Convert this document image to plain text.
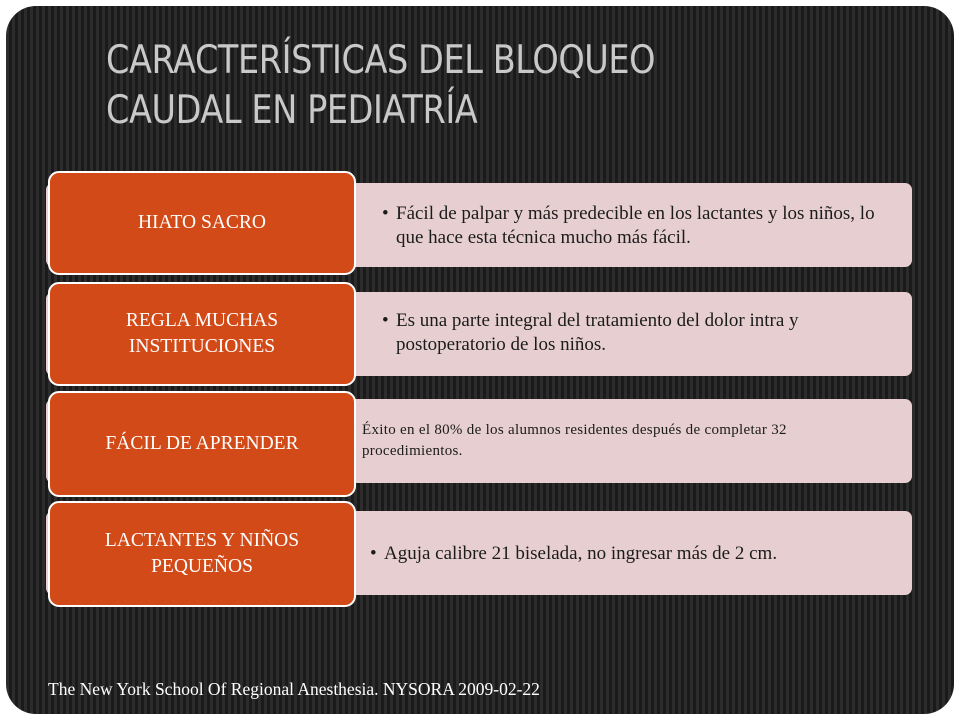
CARACTERÍSTICAS DEL BLOQUEO
CAUDAL EN PEDIATRÍA
• Fácil de palpar y más predecible en los lactantes y los niños, lo que hace esta técnica mucho más fácil.
HIATO SACRO
• Es una parte integral del tratamiento del dolor intra y postoperatorio de los niños.
REGLA MUCHAS INSTITUCIONES
Éxito en el 80% de los alumnos residentes después de completar 32 procedimientos.
FÁCIL DE APRENDER
• Aguja calibre 21 biselada, no ingresar más de 2 cm.
LACTANTES Y NIÑOS PEQUEÑOS
The New York School Of Regional Anesthesia. NYSORA 2009-02-22
